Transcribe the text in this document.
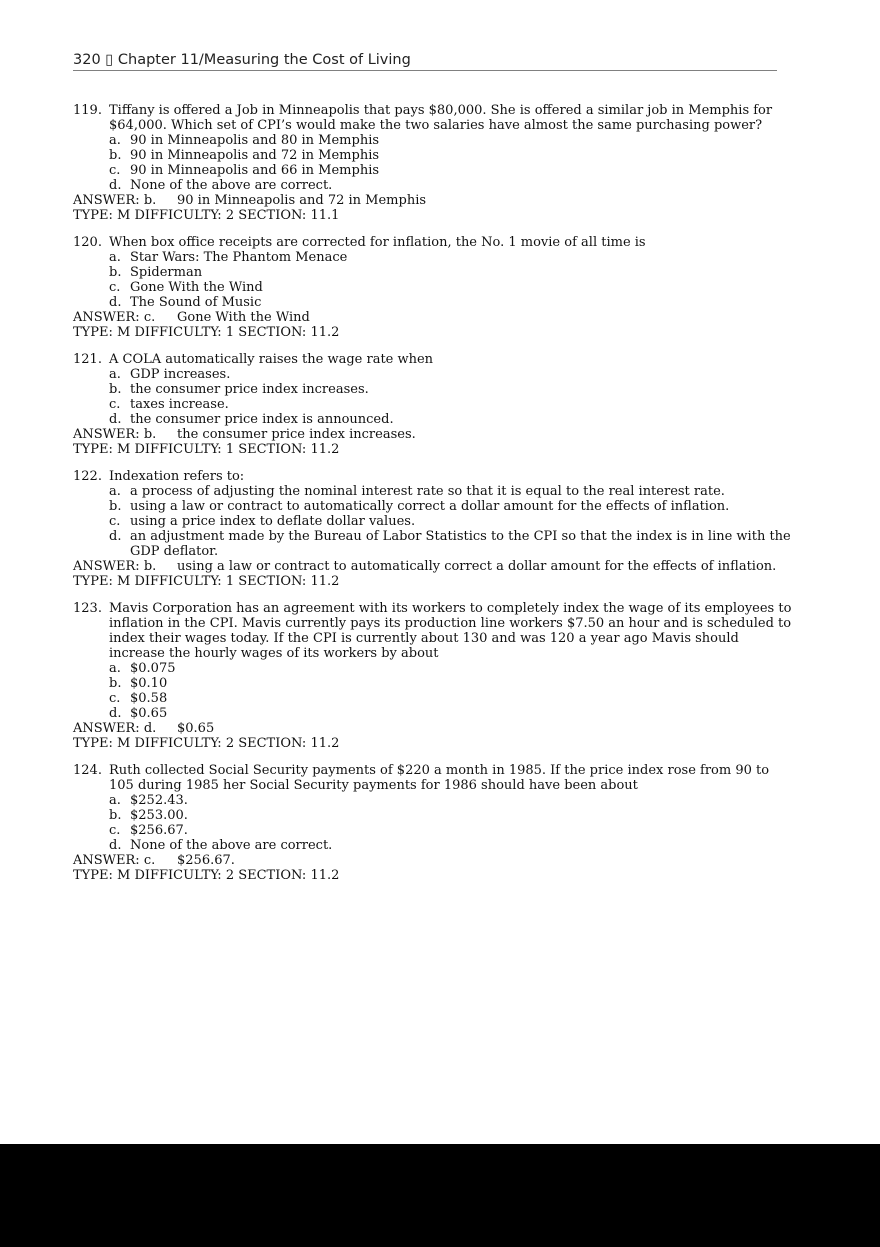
320 ▯ Chapter 11/Measuring the Cost of Living
119. Tiffany is offered a Job in Minneapolis that pays $80,000. She is offered a similar job in Memphis for $64,000. Which set of CPI’s would make the two salaries have almost the same purchasing power?
a. 90 in Minneapolis and 80 in Memphis
b. 90 in Minneapolis and 72 in Memphis
c. 90 in Minneapolis and 66 in Memphis
d. None of the above are correct.
ANSWER: b. 90 in Minneapolis and 72 in Memphis
TYPE: M DIFFICULTY: 2 SECTION: 11.1
120. When box office receipts are corrected for inflation, the No. 1 movie of all time is
a. Star Wars: The Phantom Menace
b. Spiderman
c. Gone With the Wind
d. The Sound of Music
ANSWER: c. Gone With the Wind
TYPE: M DIFFICULTY: 1 SECTION: 11.2
121. A COLA automatically raises the wage rate when
a. GDP increases.
b. the consumer price index increases.
c. taxes increase.
d. the consumer price index is announced.
ANSWER: b. the consumer price index increases.
TYPE: M DIFFICULTY: 1 SECTION: 11.2
122. Indexation refers to:
a. a process of adjusting the nominal interest rate so that it is equal to the real interest rate.
b. using a law or contract to automatically correct a dollar amount for the effects of inflation.
c. using a price index to deflate dollar values.
d. an adjustment made by the Bureau of Labor Statistics to the CPI so that the index is in line with the GDP deflator.
ANSWER: b. using a law or contract to automatically correct a dollar amount for the effects of inflation.
TYPE: M DIFFICULTY: 1 SECTION: 11.2
123. Mavis Corporation has an agreement with its workers to completely index the wage of its employees to inflation in the CPI. Mavis currently pays its production line workers $7.50 an hour and is scheduled to index their wages today. If the CPI is currently about 130 and was 120 a year ago Mavis should increase the hourly wages of its workers by about
a. $0.075
b. $0.10
c. $0.58
d. $0.65
ANSWER: d. $0.65
TYPE: M DIFFICULTY: 2 SECTION: 11.2
124. Ruth collected Social Security payments of $220 a month in 1985. If the price index rose from 90 to 105 during 1985 her Social Security payments for 1986 should have been about
a. $252.43.
b. $253.00.
c. $256.67.
d. None of the above are correct.
ANSWER: c. $256.67.
TYPE: M DIFFICULTY: 2 SECTION: 11.2
